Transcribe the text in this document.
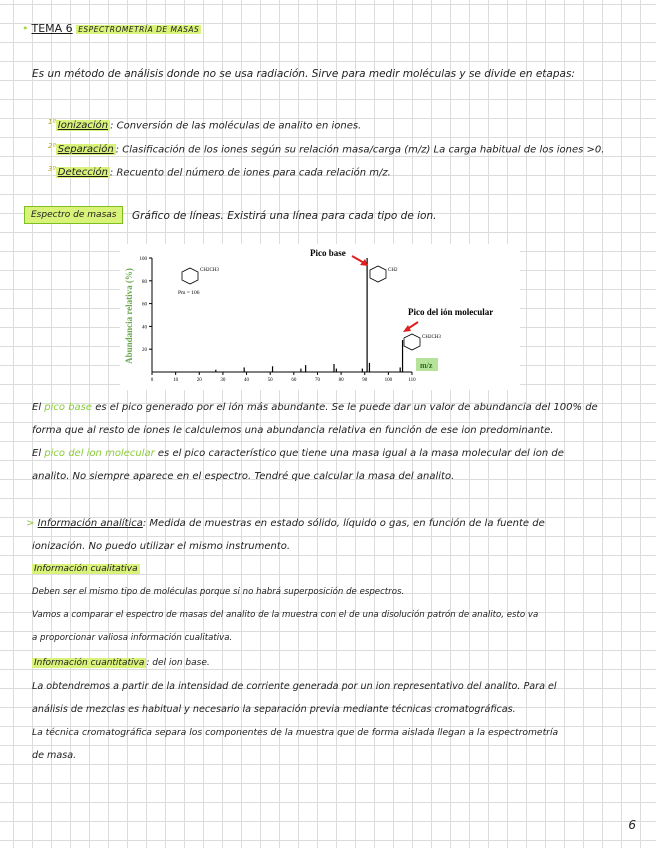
• TEMA 6 ESPECTROMETRÍA DE MASAS
Es un método de análisis donde no se usa radiación. Sirve para medir moléculas y se divide en etapas:
$^{1º}$ Ionización : Conversión de las moléculas de analito en iones.
$^{2º}$ Separación : Clasificación de los iones según su relación masa/carga (m/z) La carga habitual de los iones >0.
$^{3º}$ Detección : Recuento del número de iones para cada relación m/z.
Espectro de masas	Gráfico de líneas. Existirá una línea para cada tipo de ion.
Abundancia relativa (%) 20
40
60
80
100
0	10	20	30	40	50	60	70	80	90	100	110
Pico base
Pico del ión molecular
CH2CH3
Pm = 106
CH2
CH2CH3
m/z
El pico base es el pico generado por el ión más abundante. Se le puede dar un valor de abundancia del 100% de
forma que al resto de iones le calculemos una abundancia relativa en función de ese ion predominante.
El pico del ion molecular es el pico característico que tiene una masa igual a la masa molecular del ion de
analito. No siempre aparece en el espectro. Tendré que calcular la masa del analito.
> Información analítica: Medida de muestras en estado sólido, líquido o gas, en función de la fuente de
ionización. No puedo utilizar el mismo instrumento.
Información cualitativa
Deben ser el mismo tipo de moléculas porque si no habrá superposición de espectros.
Vamos a comparar el espectro de masas del analito de la muestra con el de una disolución patrón de analito, esto va
a proporcionar valiosa información cualitativa.
Información cuantitativa : del ion base.
La obtendremos a partir de la intensidad de corriente generada por un ion representativo del analito. Para el
análisis de mezclas es habitual y necesario la separación previa mediante técnicas cromatográficas.
La técnica cromatográfica separa los componentes de la muestra que de forma aislada llegan a la espectrometría
de masa.
6
